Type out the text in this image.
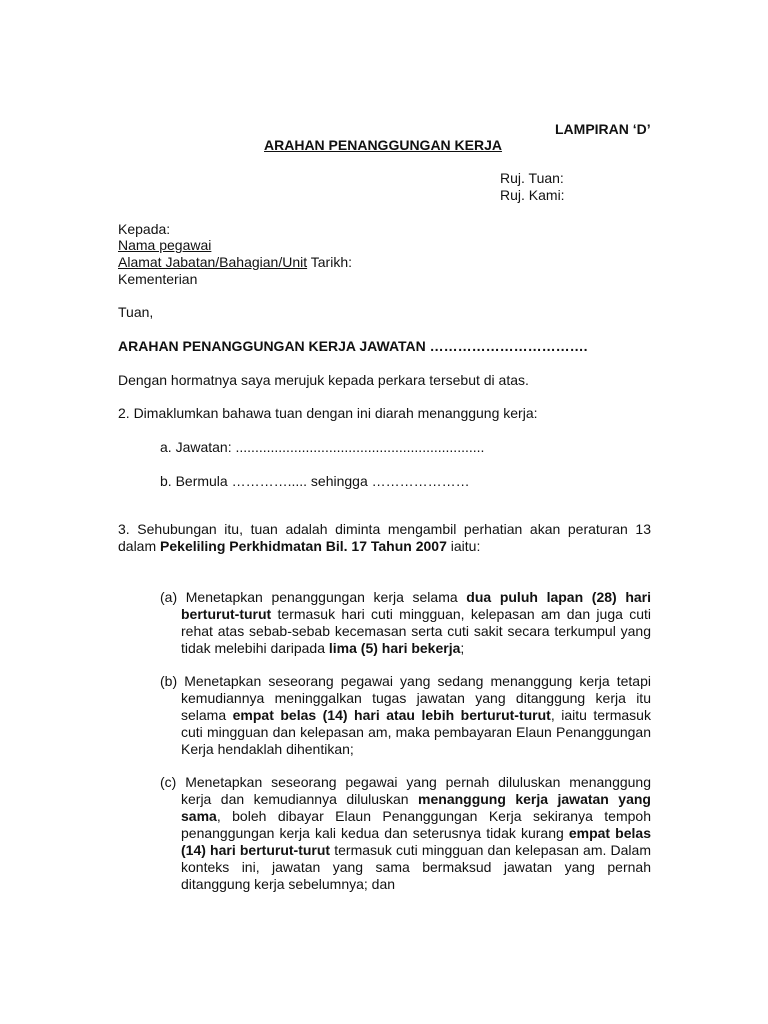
LAMPIRAN ‘D’
ARAHAN PENANGGUNGAN KERJA
Ruj. Tuan:
Ruj. Kami:
Kepada:
Nama pegawai
Alamat Jabatan/Bahagian/Unit Tarikh:
Kementerian
Tuan,
ARAHAN PENANGGUNGAN KERJA JAWATAN …………………………….
Dengan hormatnya saya merujuk kepada perkara tersebut di atas.
2. Dimaklumkan bahawa tuan dengan ini diarah menanggung kerja:
a. Jawatan: ................................................................
b. Bermula …………..... sehingga …………………
3. Sehubungan itu, tuan adalah diminta mengambil perhatian akan peraturan 13
dalam Pekeliling Perkhidmatan Bil. 17 Tahun 2007 iaitu:
(a) Menetapkan penanggungan kerja selama dua puluh lapan (28) hari
berturut-turut termasuk hari cuti mingguan, kelepasan am dan juga cuti rehat atas sebab-sebab kecemasan serta cuti sakit secara terkumpul yang tidak melebihi daripada lima (5) hari bekerja;
(b) Menetapkan seseorang pegawai yang sedang menanggung kerja tetapi
kemudiannya meninggalkan tugas jawatan yang ditanggung kerja itu selama empat belas (14) hari atau lebih berturut-turut, iaitu termasuk cuti mingguan dan kelepasan am, maka pembayaran Elaun Penanggungan Kerja hendaklah dihentikan;
(c) Menetapkan seseorang pegawai yang pernah diluluskan menanggung
kerja dan kemudiannya diluluskan menanggung kerja jawatan yang sama, boleh dibayar Elaun Penanggungan Kerja sekiranya tempoh penanggungan kerja kali kedua dan seterusnya tidak kurang empat belas (14) hari berturut-turut termasuk cuti mingguan dan kelepasan am. Dalam konteks ini, jawatan yang sama bermaksud jawatan yang pernah ditanggung kerja sebelumnya; dan
